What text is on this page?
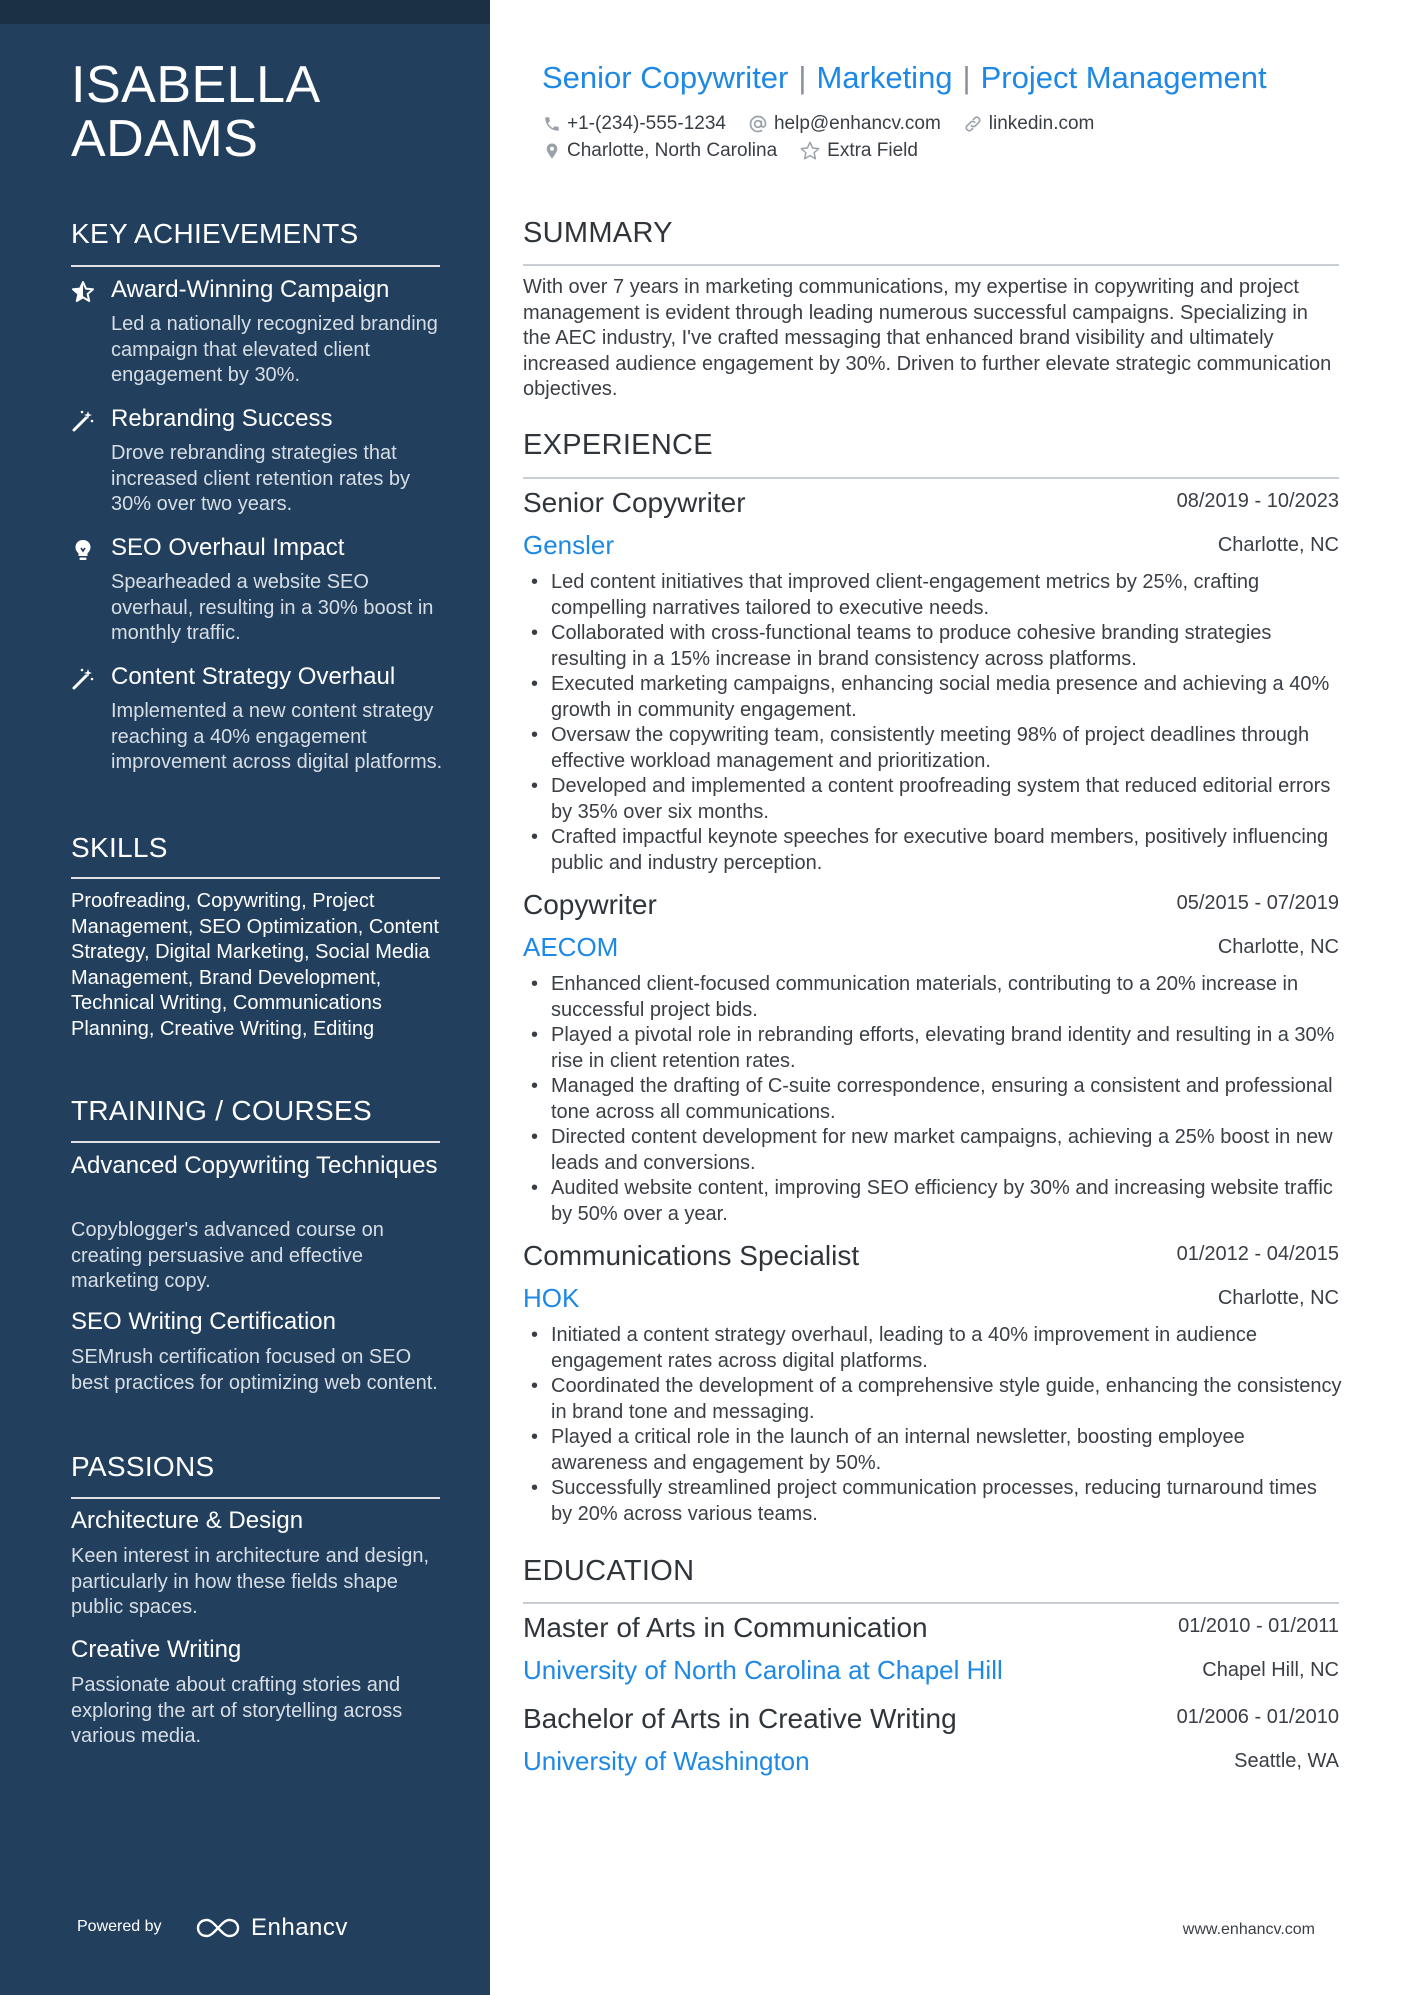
ISABELLA
ADAMS
KEY ACHIEVEMENTS
Award-Winning Campaign
Led a nationally recognized branding campaign that elevated client engagement by 30%.
Rebranding Success
Drove rebranding strategies that increased client retention rates by 30% over two years.
SEO Overhaul Impact
Spearheaded a website SEO overhaul, resulting in a 30% boost in monthly traffic.
Content Strategy Overhaul
Implemented a new content strategy reaching a 40% engagement improvement across digital platforms.
SKILLS
Proofreading, Copywriting, Project Management, SEO Optimization, Content Strategy, Digital Marketing, Social Media Management, Brand Development, Technical Writing, Communications Planning, Creative Writing, Editing
TRAINING / COURSES
Advanced Copywriting Techniques
Copyblogger's advanced course on creating persuasive and effective marketing copy.
SEO Writing Certification
SEMrush certification focused on SEO best practices for optimizing web content.
PASSIONS
Architecture & Design
Keen interest in architecture and design, particularly in how these fields shape public spaces.
Creative Writing
Passionate about crafting stories and exploring the art of storytelling across various media.
Powered by	Enhancv
Senior Copywriter | Marketing | Project Management
+1-(234)-555-1234	help@enhancv.com	linkedin.com
Charlotte, North Carolina	Extra Field
SUMMARY
With over 7 years in marketing communications, my expertise in copywriting and project management is evident through leading numerous successful campaigns. Specializing in the AEC industry, I've crafted messaging that enhanced brand visibility and ultimately increased audience engagement by 30%. Driven to further elevate strategic communication objectives.
EXPERIENCE
Senior Copywriter	08/2019 - 10/2023
Gensler	Charlotte, NC
• Led content initiatives that improved client-engagement metrics by 25%, crafting compelling narratives tailored to executive needs.
• Collaborated with cross-functional teams to produce cohesive branding strategies resulting in a 15% increase in brand consistency across platforms.
• Executed marketing campaigns, enhancing social media presence and achieving a 40% growth in community engagement.
• Oversaw the copywriting team, consistently meeting 98% of project deadlines through effective workload management and prioritization.
• Developed and implemented a content proofreading system that reduced editorial errors by 35% over six months.
• Crafted impactful keynote speeches for executive board members, positively influencing public and industry perception.
Copywriter	05/2015 - 07/2019
AECOM	Charlotte, NC
• Enhanced client-focused communication materials, contributing to a 20% increase in successful project bids.
• Played a pivotal role in rebranding efforts, elevating brand identity and resulting in a 30% rise in client retention rates.
• Managed the drafting of C-suite correspondence, ensuring a consistent and professional tone across all communications.
• Directed content development for new market campaigns, achieving a 25% boost in new leads and conversions.
• Audited website content, improving SEO efficiency by 30% and increasing website traffic by 50% over a year.
Communications Specialist	01/2012 - 04/2015
HOK	Charlotte, NC
• Initiated a content strategy overhaul, leading to a 40% improvement in audience engagement rates across digital platforms.
• Coordinated the development of a comprehensive style guide, enhancing the consistency in brand tone and messaging.
• Played a critical role in the launch of an internal newsletter, boosting employee awareness and engagement by 50%.
• Successfully streamlined project communication processes, reducing turnaround times by 20% across various teams.
EDUCATION
Master of Arts in Communication	01/2010 - 01/2011
University of North Carolina at Chapel Hill	Chapel Hill, NC
Bachelor of Arts in Creative Writing	01/2006 - 01/2010
University of Washington	Seattle, WA
www.enhancv.com
